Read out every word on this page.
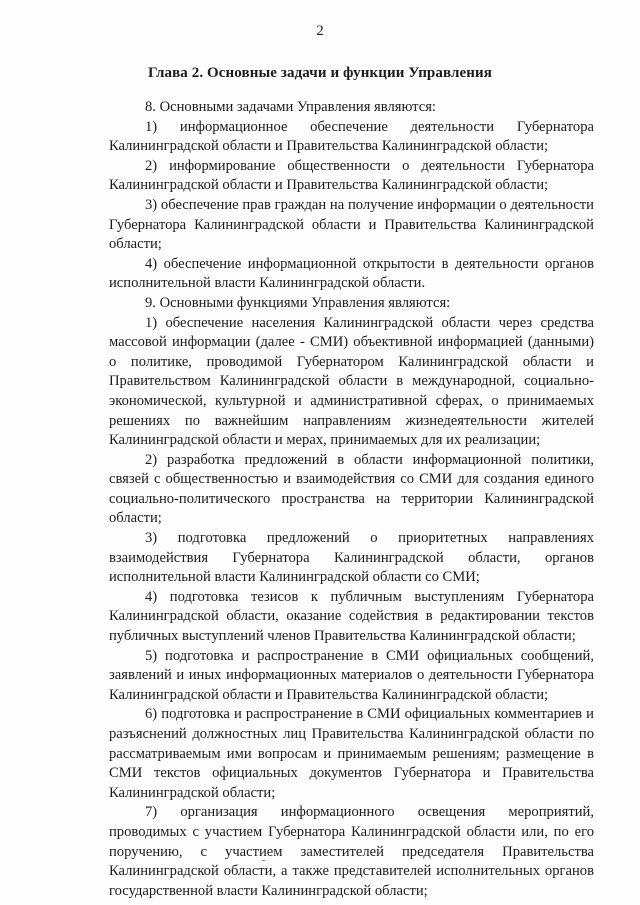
2
Глава 2. Основные задачи и функции Управления

8. Основными задачами Управления являются:

1) информационное обеспечение деятельности Губернатора Калининградской области и Правительства Калининградской области;

2) информирование общественности о деятельности Губернатора Калининградской области и Правительства Калининградской области;

3) обеспечение прав граждан на получение информации о деятельности Губернатора Калининградской области и Правительства Калининградской области;

4) обеспечение информационной открытости в деятельности органов исполнительной власти Калининградской области.

9. Основными функциями Управления являются:

1) обеспечение населения Калининградской области через средства массовой информации (далее - СМИ) объективной информацией (данными) о политике, проводимой Губернатором Калининградской области и Правительством Калининградской области в международной, социально-экономической, культурной и административной сферах, о принимаемых решениях по важнейшим направлениям жизнедеятельности жителей Калининградской области и мерах, принимаемых для их реализации;

2) разработка предложений в области информационной политики, связей с общественностью и взаимодействия со СМИ для создания единого социально-политического пространства на территории Калининградской области;

3) подготовка предложений о приоритетных направлениях взаимодействия Губернатора Калининградской области, органов исполнительной власти Калининградской области со СМИ;

4) подготовка тезисов к публичным выступлениям Губернатора Калининградской области, оказание содействия в редактировании текстов публичных выступлений членов Правительства Калининградской области;

5) подготовка и распространение в СМИ официальных сообщений, заявлений и иных информационных материалов о деятельности Губернатора Калининградской области и Правительства Калининградской области;

6) подготовка и распространение в СМИ официальных комментариев и разъяснений должностных лиц Правительства Калининградской области по рассматриваемым ими вопросам и принимаемым решениям; размещение в СМИ текстов официальных документов Губернатора и Правительства Калининградской области;

7) организация информационного освещения мероприятий, проводимых с участием Губернатора Калининградской области или, по его поручению, с участием заместителей председателя Правительства Калининградской области, а также представителей исполнительных органов государственной власти Калининградской области;
